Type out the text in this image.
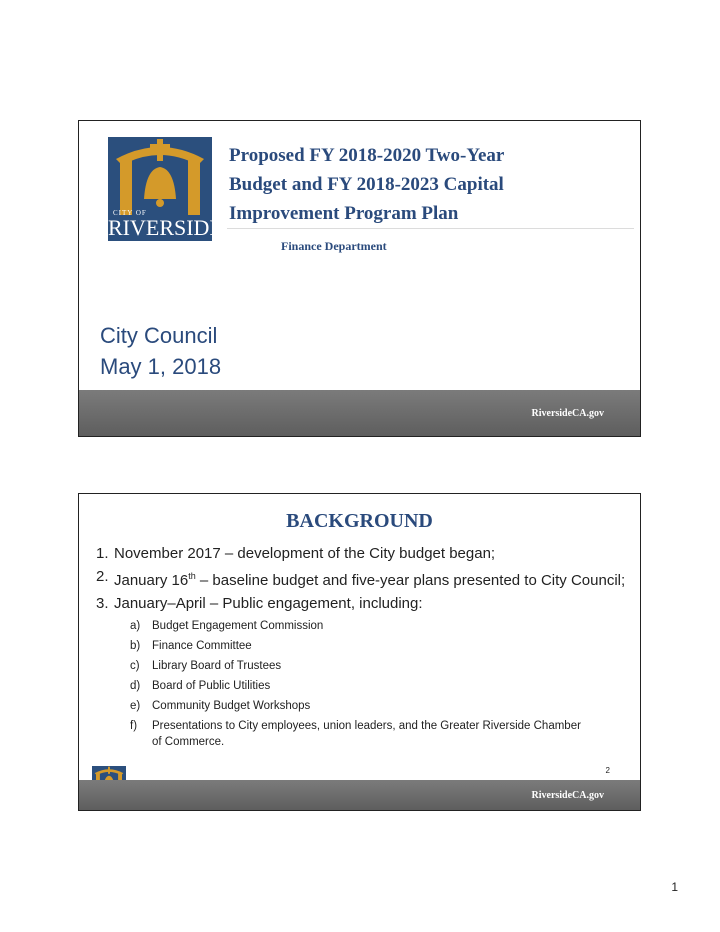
CITY OF
RIVERSIDE
Proposed FY 2018-2020 Two-Year
Budget and FY 2018-2023 Capital
Improvement Program Plan
Finance Department
City Council
May 1, 2018
RiversideCA.gov
BACKGROUND
1. November 2017 – development of the City budget began;
2. January 16th – baseline budget and five-year plans presented to City Council;
3. January–April – Public engagement, including:
a)	Budget Engagement Commission
b)	Finance Committee
c)	Library Board of Trustees
d)	Board of Public Utilities
e)	Community Budget Workshops
f)	Presentations to City employees, union leaders, and the Greater Riverside Chamber of Commerce.
2
RiversideCA.gov
1
